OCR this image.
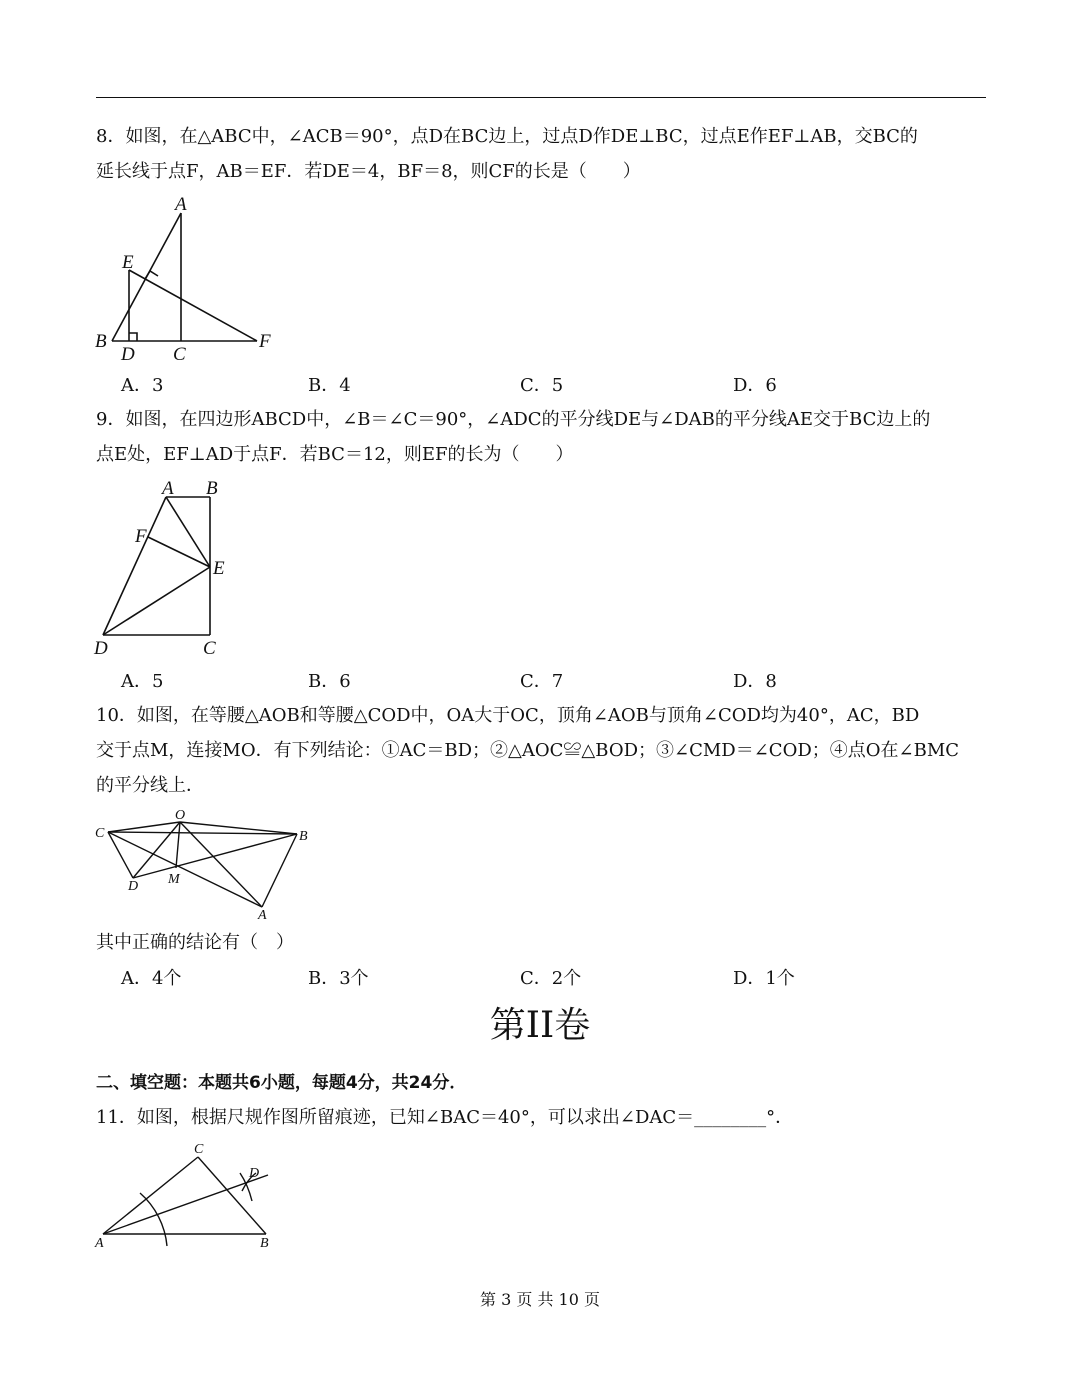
8．如图，在△ABC中，∠ACB＝90°，点D在BC边上，过点D作DE⊥BC，过点E作EF⊥AB，交BC的
延长线于点F，AB＝EF．若DE＝4，BF＝8，则CF的长是（　　）
A
E
B
D C
F
A．3	B．4	C．5	D．6
9．如图，在四边形ABCD中，∠B＝∠C＝90°，∠ADC的平分线DE与∠DAB的平分线AE交于BC边上的
点E处，EF⊥AD于点F．若BC＝12，则EF的长为（　　）
A B
F
E
D	C
A．5	B．6	C．7	D．8
10．如图，在等腰△AOB和等腰△COD中，OA大于OC，顶角∠AOB与顶角∠COD均为40°，AC，BD
交于点M，连接MO．有下列结论：①AC＝BD；②△AOC≌△BOD；③∠CMD＝∠COD；④点O在∠BMC
的平分线上．
O
C	B
D M
A
其中正确的结论有（　）
A．4个	B．3个	C．2个	D．1个
第II卷
二、填空题：本题共6小题，每题4分，共24分．
11．如图，根据尺规作图所留痕迹，已知∠BAC＝40°，可以求出∠DAC＝________°．
C
D
A	B
第 3 页 共 10 页
